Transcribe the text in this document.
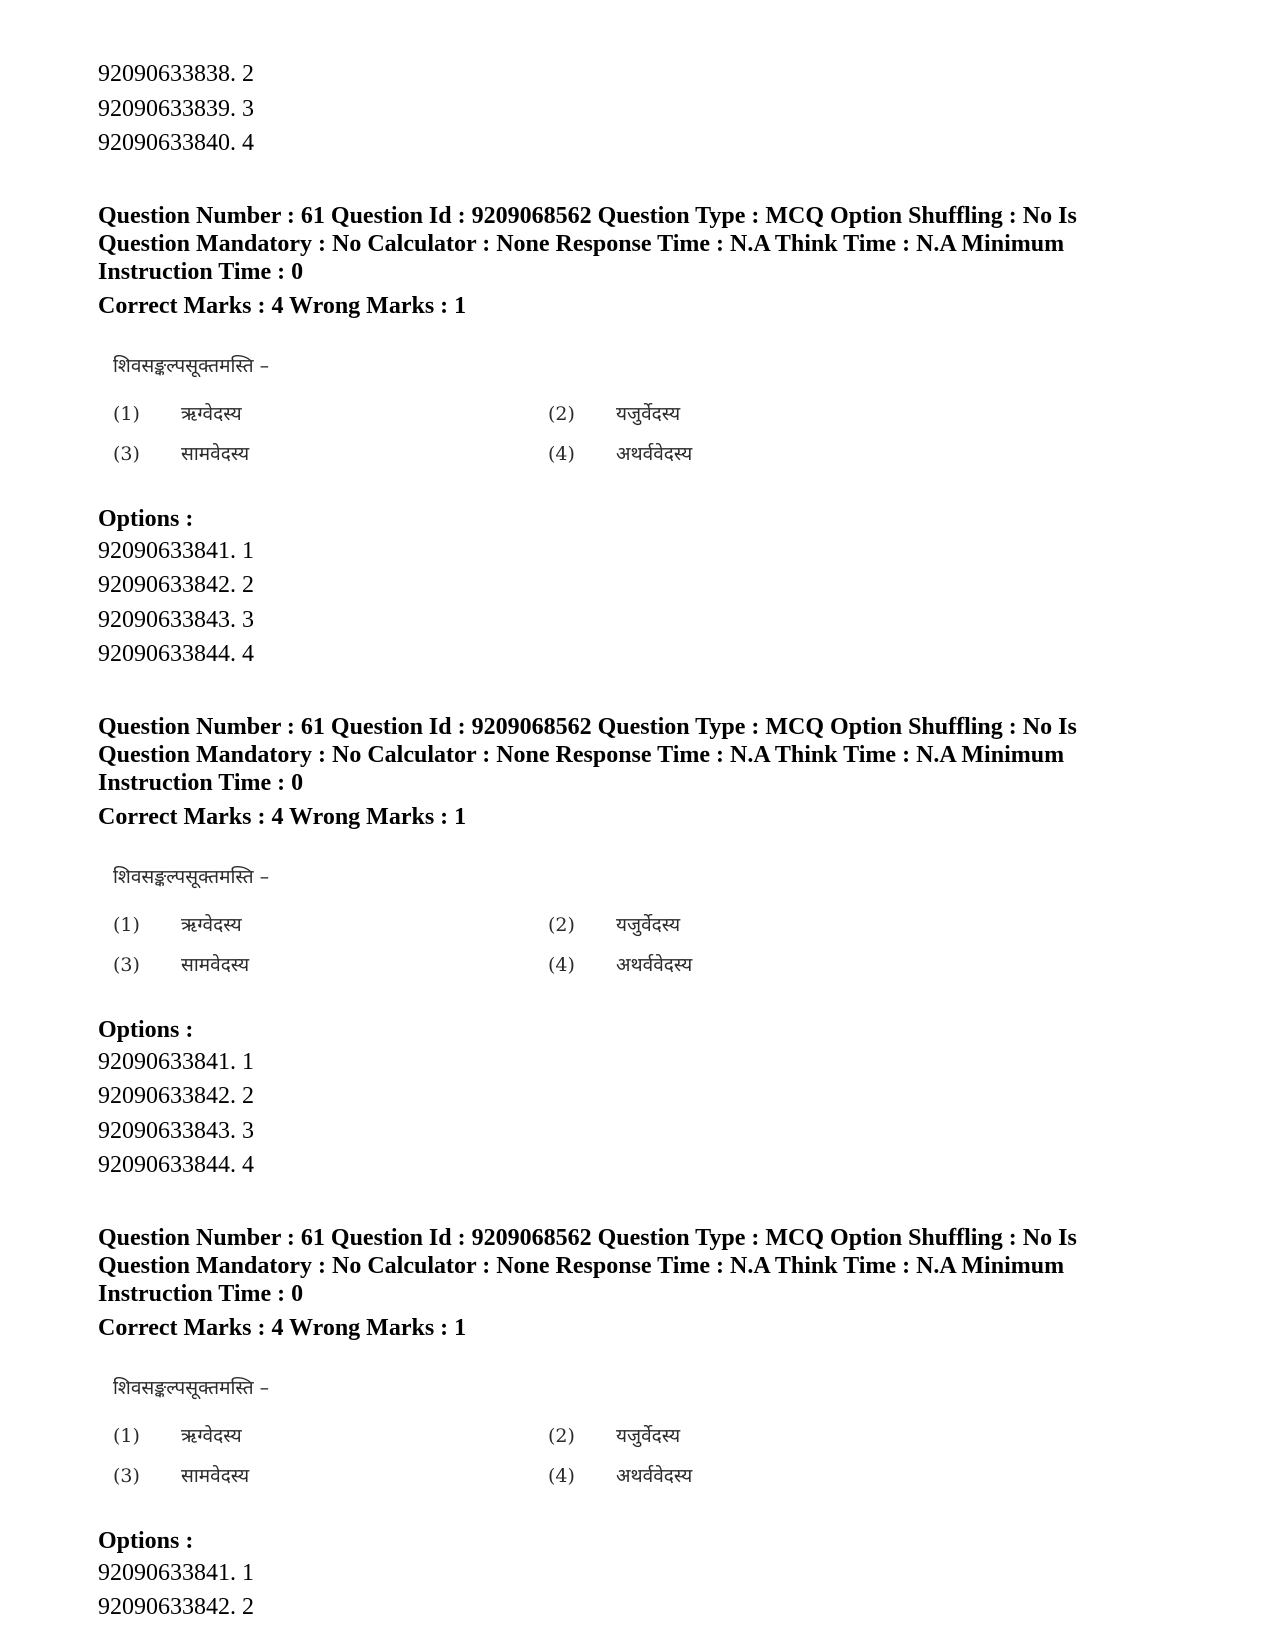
92090633838. 2
92090633839. 3
92090633840. 4
Question Number : 61 Question Id : 9209068562 Question Type : MCQ Option Shuffling : No Is Question Mandatory : No Calculator : None Response Time : N.A Think Time : N.A Minimum Instruction Time : 0
Correct Marks : 4 Wrong Marks : 1
शिवसङ्कल्पसूक्तमस्ति –
(1) ऋग्वेदस्य	(2) यजुर्वेदस्य
(3) सामवेदस्य	(4) अथर्ववेदस्य
Options :
92090633841. 1
92090633842. 2
92090633843. 3
92090633844. 4
Question Number : 61 Question Id : 9209068562 Question Type : MCQ Option Shuffling : No Is Question Mandatory : No Calculator : None Response Time : N.A Think Time : N.A Minimum Instruction Time : 0
Correct Marks : 4 Wrong Marks : 1
शिवसङ्कल्पसूक्तमस्ति –
(1) ऋग्वेदस्य	(2) यजुर्वेदस्य
(3) सामवेदस्य	(4) अथर्ववेदस्य
Options :
92090633841. 1
92090633842. 2
92090633843. 3
92090633844. 4
Question Number : 61 Question Id : 9209068562 Question Type : MCQ Option Shuffling : No Is Question Mandatory : No Calculator : None Response Time : N.A Think Time : N.A Minimum Instruction Time : 0
Correct Marks : 4 Wrong Marks : 1
शिवसङ्कल्पसूक्तमस्ति –
(1) ऋग्वेदस्य	(2) यजुर्वेदस्य
(3) सामवेदस्य	(4) अथर्ववेदस्य
Options :
92090633841. 1
92090633842. 2
